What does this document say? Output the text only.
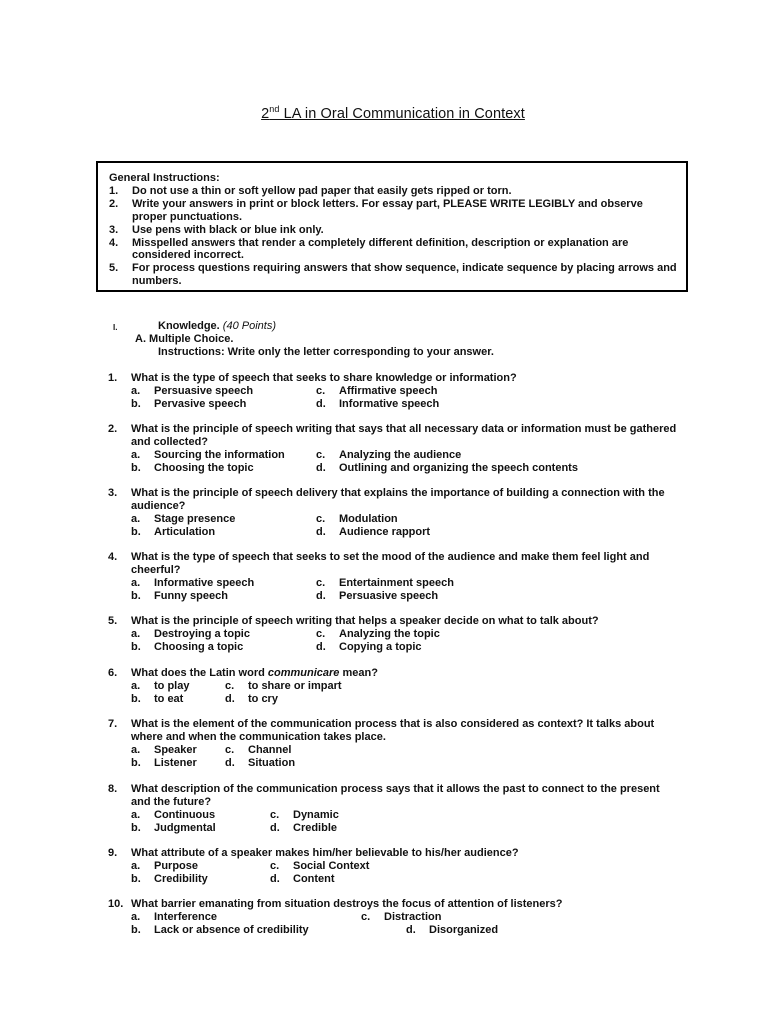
2nd LA in Oral Communication in Context
General Instructions:
1. Do not use a thin or soft yellow pad paper that easily gets ripped or torn.
2. Write your answers in print or block letters. For essay part, PLEASE WRITE LEGIBLY and observe proper punctuations.
3. Use pens with black or blue ink only.
4. Misspelled answers that render a completely different definition, description or explanation are considered incorrect.
5. For process questions requiring answers that show sequence, indicate sequence by placing arrows and numbers.
I.	Knowledge. (40 Points)
A. Multiple Choice.
Instructions: Write only the letter corresponding to your answer.
1. What is the type of speech that seeks to share knowledge or information?
a. Persuasive speech	c. Affirmative speech
b. Pervasive speech	d. Informative speech
2. What is the principle of speech writing that says that all necessary data or information must be gathered and collected?
a. Sourcing the information	c. Analyzing the audience
b. Choosing the topic	d. Outlining and organizing the speech contents
3. What is the principle of speech delivery that explains the importance of building a connection with the audience?
a. Stage presence	c. Modulation
b. Articulation	d. Audience rapport
4. What is the type of speech that seeks to set the mood of the audience and make them feel light and cheerful?
a. Informative speech	c. Entertainment speech
b. Funny speech	d. Persuasive speech
5. What is the principle of speech writing that helps a speaker decide on what to talk about?
a. Destroying a topic	c. Analyzing the topic
b. Choosing a topic	d. Copying a topic
6. What does the Latin word communicare mean?
a. to play	c. to share or impart
b. to eat	d. to cry
7. What is the element of the communication process that is also considered as context? It talks about where and when the communication takes place.
a. Speaker	c. Channel
b. Listener	d. Situation
8. What description of the communication process says that it allows the past to connect to the present and the future?
a. Continuous	c. Dynamic
b. Judgmental	d. Credible
9. What attribute of a speaker makes him/her believable to his/her audience?
a. Purpose	c. Social Context
b. Credibility	d. Content
10. What barrier emanating from situation destroys the focus of attention of listeners?
a. Interference	c. Distraction
b. Lack or absence of credibility	d. Disorganized
